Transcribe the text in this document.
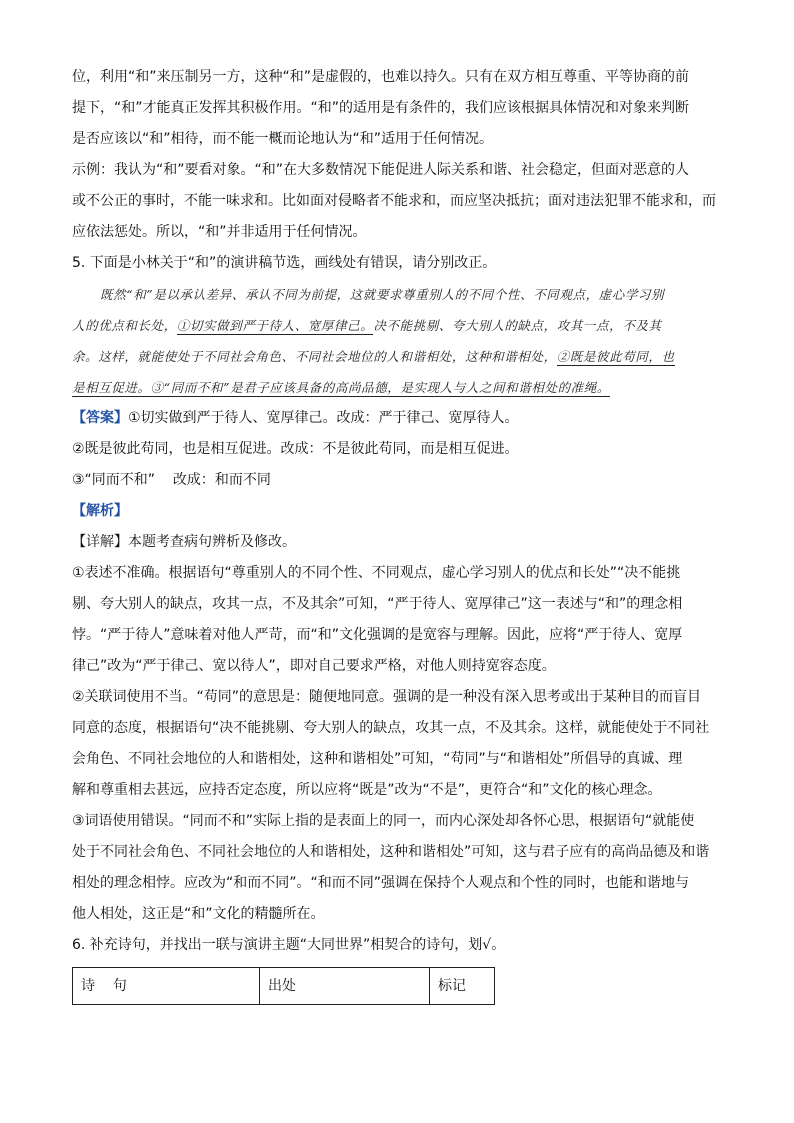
位，利用“和”来压制另一方，这种“和”是虚假的，也难以持久。只有在双方相互尊重、平等协商的前
提下，“和”才能真正发挥其积极作用。“和”的适用是有条件的，我们应该根据具体情况和对象来判断
是否应该以“和”相待，而不能一概而论地认为“和”适用于任何情况。
示例：我认为“和”要看对象。“和”在大多数情况下能促进人际关系和谐、社会稳定，但面对恶意的人
或不公正的事时，不能一味求和。比如面对侵略者不能求和，而应坚决抵抗；面对违法犯罪不能求和，而
应依法惩处。所以，“和”并非适用于任何情况。
5. 下面是小林关于“和”的演讲稿节选，画线处有错误，请分别改正。
既然“和”是以承认差异、承认不同为前提，这就要求尊重别人的不同个性、不同观点，虚心学习别
人的优点和长处，①切实做到严于待人、宽厚律己。决不能挑剔、夸大别人的缺点，攻其一点，不及其
余。这样，就能使处于不同社会角色、不同社会地位的人和谐相处，这种和谐相处，②既是彼此苟同，也
是相互促进。③“同而不和”是君子应该具备的高尚品德，是实现人与人之间和谐相处的准绳。
【答案】①切实做到严于待人、宽厚律己。改成：严于律己、宽厚待人。
②既是彼此苟同，也是相互促进。改成：不是彼此苟同，而是相互促进。
③“同而不和”    改成：和而不同
【解析】
【详解】本题考查病句辨析及修改。
①表述不准确。根据语句“尊重别人的不同个性、不同观点，虚心学习别人的优点和长处”“决不能挑
剔、夸大别人的缺点，攻其一点，不及其余”可知，“严于待人、宽厚律己”这一表述与“和”的理念相
悖。“严于待人”意味着对他人严苛，而“和”文化强调的是宽容与理解。因此，应将“严于待人、宽厚
律己”改为“严于律己、宽以待人”，即对自己要求严格，对他人则持宽容态度。
②关联词使用不当。“苟同”的意思是：随便地同意。强调的是一种没有深入思考或出于某种目的而盲目
同意的态度，根据语句“决不能挑剔、夸大别人的缺点，攻其一点，不及其余。这样，就能使处于不同社
会角色、不同社会地位的人和谐相处，这种和谐相处”可知，“苟同”与“和谐相处”所倡导的真诚、理
解和尊重相去甚远，应持否定态度，所以应将“既是”改为“不是”，更符合“和”文化的核心理念。
③词语使用错误。“同而不和”实际上指的是表面上的同一，而内心深处却各怀心思，根据语句“就能使
处于不同社会角色、不同社会地位的人和谐相处，这种和谐相处”可知，这与君子应有的高尚品德及和谐
相处的理念相悖。应改为“和而不同”。“和而不同”强调在保持个人观点和个性的同时，也能和谐地与
他人相处，这正是“和”文化的精髓所在。
6. 补充诗句，并找出一联与演讲主题“大同世界”相契合的诗句，划√。
诗    句	出处	标记
